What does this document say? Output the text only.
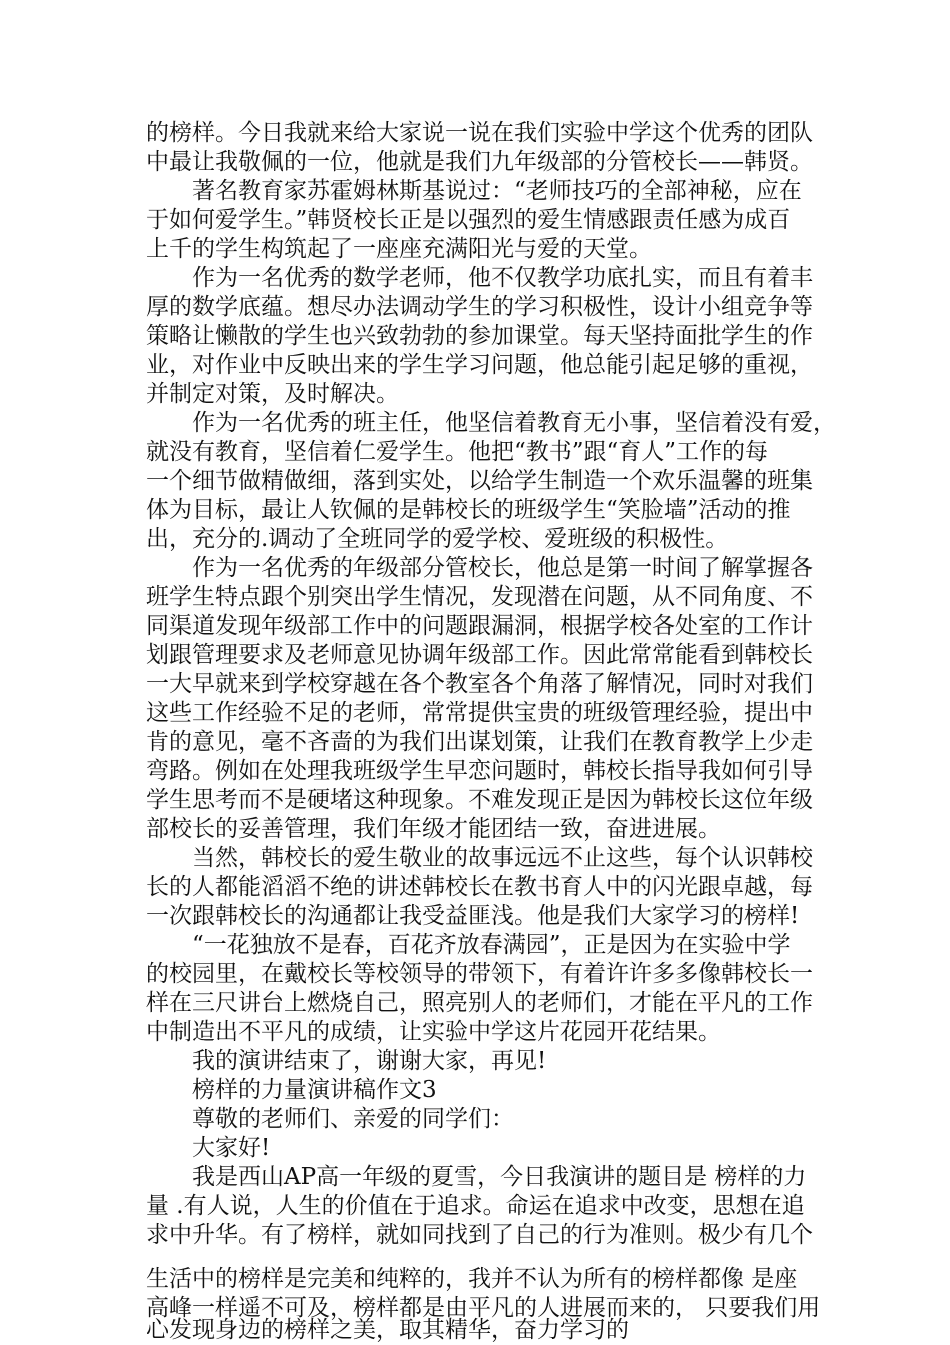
的榜样。今日我就来给大家说一说在我们实验中学这个优秀的团队
中最让我敬佩的一位，他就是我们九年级部的分管校长——韩贤。
　　著名教育家苏霍姆林斯基说过：“老师技巧的全部神秘，应在
于如何爱学生。”韩贤校长正是以强烈的爱生情感跟责任感为成百
上千的学生构筑起了一座座充满阳光与爱的天堂。
　　作为一名优秀的数学老师，他不仅教学功底扎实，而且有着丰
厚的数学底蕴。想尽办法调动学生的学习积极性，设计小组竞争等
策略让懒散的学生也兴致勃勃的参加课堂。每天坚持面批学生的作
业，对作业中反映出来的学生学习问题，他总能引起足够的重视，
并制定对策，及时解决。
　　作为一名优秀的班主任，他坚信着教育无小事，坚信着没有爱，
就没有教育，坚信着仁爱学生。他把“教书”跟“育人”工作的每
一个细节做精做细，落到实处，以给学生制造一个欢乐温馨的班集
体为目标，最让人钦佩的是韩校长的班级学生“笑脸墙”活动的推
出，充分的.调动了全班同学的爱学校、爱班级的积极性。
　　作为一名优秀的年级部分管校长，他总是第一时间了解掌握各
班学生特点跟个别突出学生情况，发现潜在问题，从不同角度、不
同渠道发现年级部工作中的问题跟漏洞，根据学校各处室的工作计
划跟管理要求及老师意见协调年级部工作。因此常常能看到韩校长
一大早就来到学校穿越在各个教室各个角落了解情况，同时对我们
这些工作经验不足的老师，常常提供宝贵的班级管理经验，提出中
肯的意见，毫不吝啬的为我们出谋划策，让我们在教育教学上少走
弯路。例如在处理我班级学生早恋问题时，韩校长指导我如何引导
学生思考而不是硬堵这种现象。不难发现正是因为韩校长这位年级
部校长的妥善管理，我们年级才能团结一致，奋进进展。
　　当然，韩校长的爱生敬业的故事远远不止这些，每个认识韩校
长的人都能滔滔不绝的讲述韩校长在教书育人中的闪光跟卓越，每
一次跟韩校长的沟通都让我受益匪浅。他是我们大家学习的榜样!
　　“一花独放不是春，百花齐放春满园”，正是因为在实验中学
的校园里，在戴校长等校领导的带领下，有着许许多多像韩校长一
样在三尺讲台上燃烧自己，照亮别人的老师们，才能在平凡的工作
中制造出不平凡的成绩，让实验中学这片花园开花结果。
　　我的演讲结束了，谢谢大家，再见!
　　榜样的力量演讲稿作文3
　　尊敬的老师们、亲爱的同学们：
　　大家好!
　　我是西山AP高一年级的夏雪，今日我演讲的题目是 榜样的力
量 .有人说，人生的价值在于追求。命运在追求中改变，思想在追
求中升华。有了榜样，就如同找到了自己的行为准则。极少有几个
生活中的榜样是完美和纯粹的，我并不认为所有的榜样都像 是座
高峰一样遥不可及，榜样都是由平凡的人进展而来的， 只要我们用
心发现身边的榜样之美，取其精华，奋力学习的
